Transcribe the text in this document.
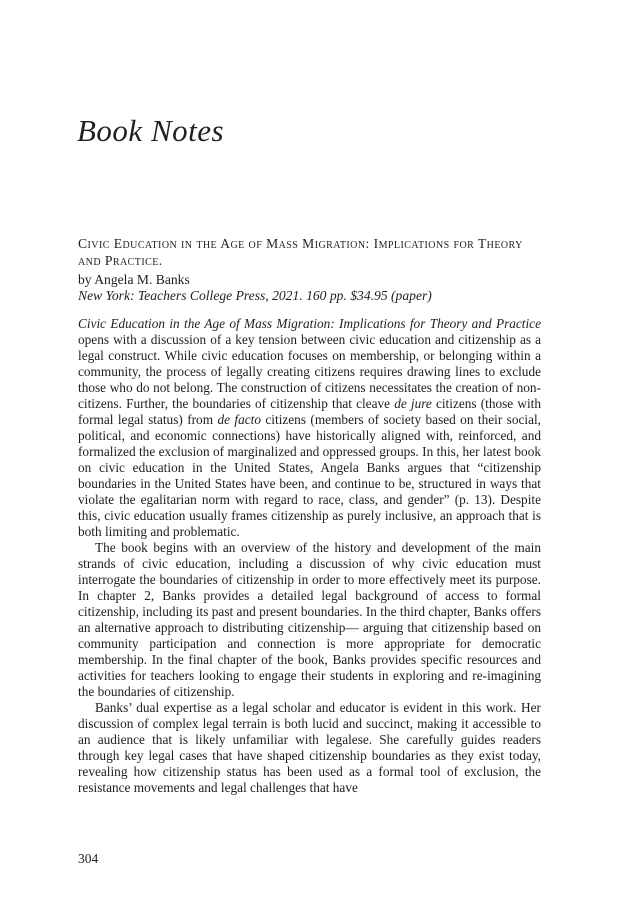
Book Notes
Civic Education in the Age of Mass Migration: Implications for Theory and Practice.

by Angela M. Banks

New York: Teachers College Press, 2021. 160 pp. $34.95 (paper)

Civic Education in the Age of Mass Migration: Implications for Theory and Practice opens with a discussion of a key tension between civic education and citizenship as a legal construct. While civic education focuses on membership, or belonging within a community, the process of legally creating citizens requires drawing lines to exclude those who do not belong. The construction of citizens necessitates the creation of non-citizens. Further, the boundaries of citizenship that cleave de jure citizens (those with formal legal status) from de facto citizens (members of society based on their social, political, and economic connections) have historically aligned with, reinforced, and formalized the exclusion of marginalized and oppressed groups. In this, her latest book on civic education in the United States, Angela Banks argues that “citizenship boundaries in the United States have been, and continue to be, structured in ways that violate the egalitarian norm with regard to race, class, and gender” (p. 13). Despite this, civic education usually frames citizenship as purely inclusive, an approach that is both limiting and problematic.

The book begins with an overview of the history and development of the main strands of civic education, including a discussion of why civic education must interrogate the boundaries of citizenship in order to more effectively meet its purpose. In chapter 2, Banks provides a detailed legal background of access to formal citizenship, including its past and present boundaries. In the third chapter, Banks offers an alternative approach to distributing citizenship— arguing that citizenship based on community participation and connection is more appropriate for democratic membership. In the final chapter of the book, Banks provides specific resources and activities for teachers looking to engage their students in exploring and re-imagining the boundaries of citizenship.

Banks’ dual expertise as a legal scholar and educator is evident in this work. Her discussion of complex legal terrain is both lucid and succinct, making it accessible to an audience that is likely unfamiliar with legalese. She carefully guides readers through key legal cases that have shaped citizenship boundaries as they exist today, revealing how citizenship status has been used as a formal tool of exclusion, the resistance movements and legal challenges that have

304
